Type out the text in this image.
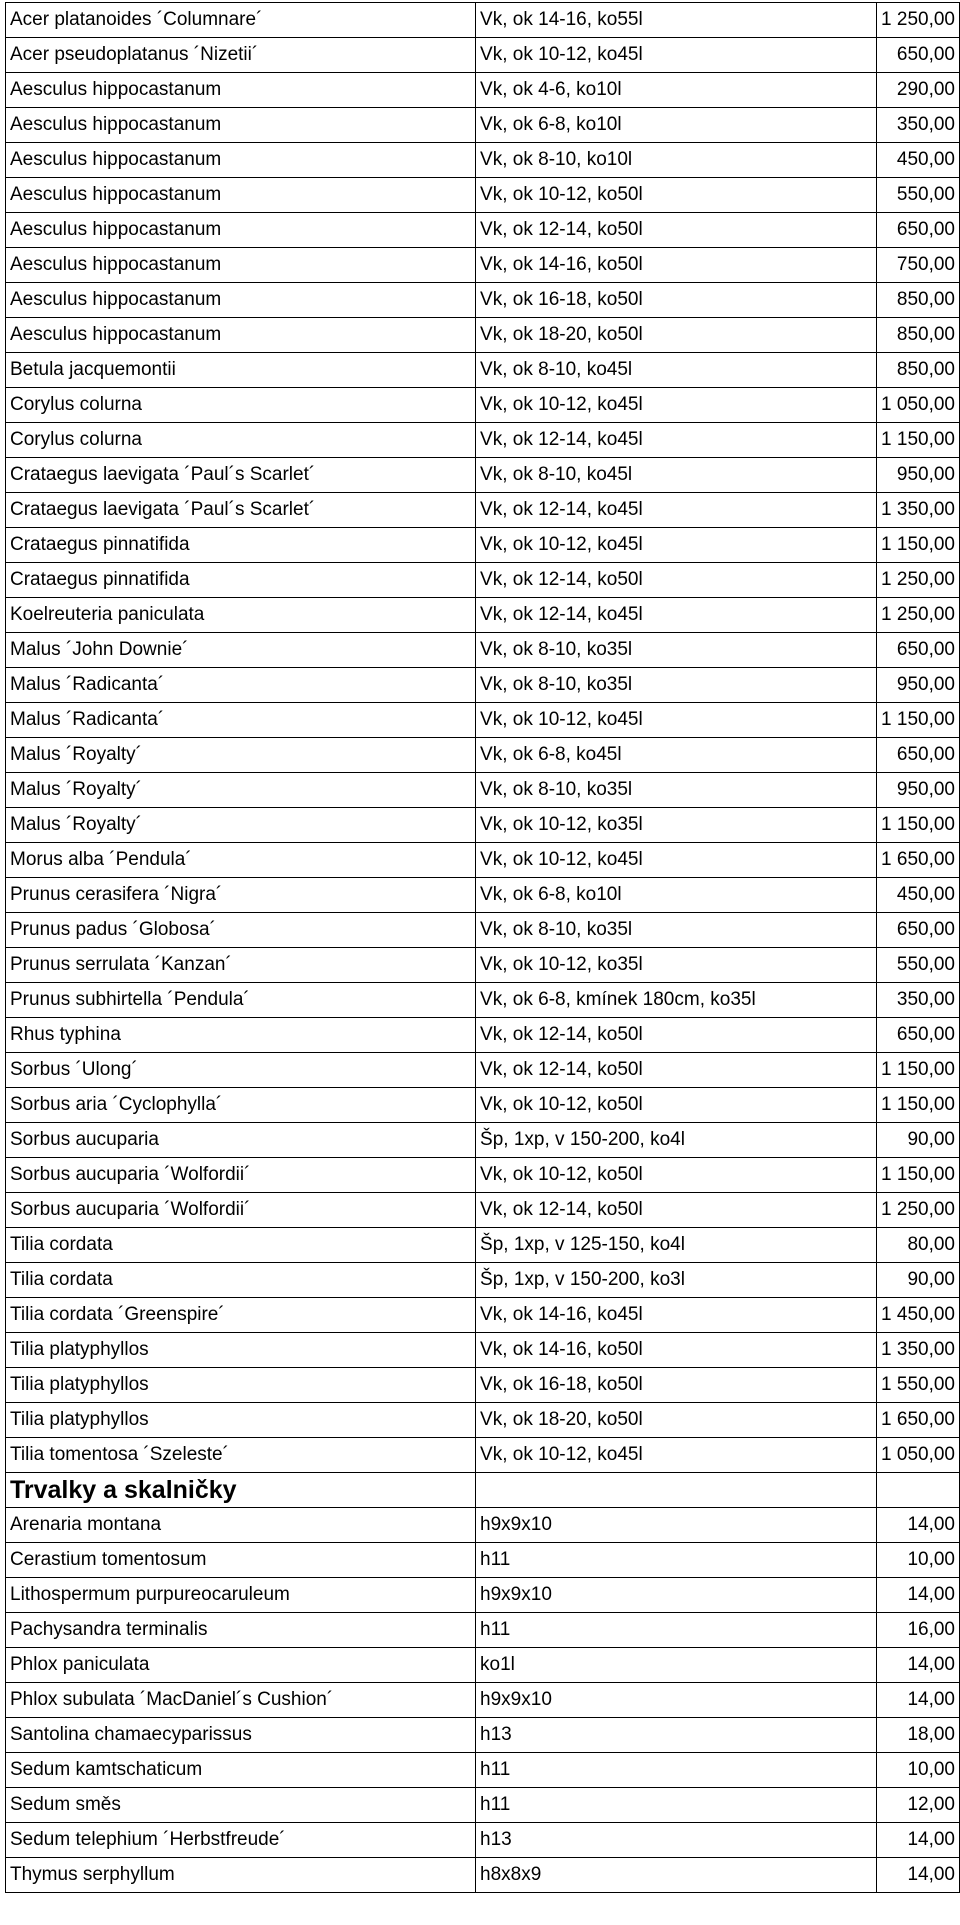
Acer platanoides ´Columnare´	Vk, ok 14-16, ko55l	1 250,00
Acer pseudoplatanus ´Nizetii´	Vk, ok 10-12, ko45l	650,00
Aesculus hippocastanum	Vk, ok 4-6, ko10l	290,00
Aesculus hippocastanum	Vk, ok 6-8, ko10l	350,00
Aesculus hippocastanum	Vk, ok 8-10, ko10l	450,00
Aesculus hippocastanum	Vk, ok 10-12, ko50l	550,00
Aesculus hippocastanum	Vk, ok 12-14, ko50l	650,00
Aesculus hippocastanum	Vk, ok 14-16, ko50l	750,00
Aesculus hippocastanum	Vk, ok 16-18, ko50l	850,00
Aesculus hippocastanum	Vk, ok 18-20, ko50l	850,00
Betula jacquemontii	Vk, ok 8-10, ko45l	850,00
Corylus colurna	Vk, ok 10-12, ko45l	1 050,00
Corylus colurna	Vk, ok 12-14, ko45l	1 150,00
Crataegus laevigata ´Paul´s Scarlet´	Vk, ok 8-10, ko45l	950,00
Crataegus laevigata ´Paul´s Scarlet´	Vk, ok 12-14, ko45l	1 350,00
Crataegus pinnatifida	Vk, ok 10-12, ko45l	1 150,00
Crataegus pinnatifida	Vk, ok 12-14, ko50l	1 250,00
Koelreuteria paniculata	Vk, ok 12-14, ko45l	1 250,00
Malus ´John Downie´	Vk, ok 8-10, ko35l	650,00
Malus ´Radicanta´	Vk, ok 8-10, ko35l	950,00
Malus ´Radicanta´	Vk, ok 10-12, ko45l	1 150,00
Malus ´Royalty´	Vk, ok 6-8, ko45l	650,00
Malus ´Royalty´	Vk, ok 8-10, ko35l	950,00
Malus ´Royalty´	Vk, ok 10-12, ko35l	1 150,00
Morus alba ´Pendula´	Vk, ok 10-12, ko45l	1 650,00
Prunus cerasifera ´Nigra´	Vk, ok 6-8, ko10l	450,00
Prunus padus ´Globosa´	Vk, ok 8-10, ko35l	650,00
Prunus serrulata ´Kanzan´	Vk, ok 10-12, ko35l	550,00
Prunus subhirtella ´Pendula´	Vk, ok 6-8, kmínek 180cm, ko35l	350,00
Rhus typhina	Vk, ok 12-14, ko50l	650,00
Sorbus ´Ulong´	Vk, ok 12-14, ko50l	1 150,00
Sorbus aria ´Cyclophylla´	Vk, ok 10-12, ko50l	1 150,00
Sorbus aucuparia	Šp, 1xp, v 150-200, ko4l	90,00
Sorbus aucuparia ´Wolfordii´	Vk, ok 10-12, ko50l	1 150,00
Sorbus aucuparia ´Wolfordii´	Vk, ok 12-14, ko50l	1 250,00
Tilia cordata	Šp, 1xp, v 125-150, ko4l	80,00
Tilia cordata	Šp, 1xp, v 150-200, ko3l	90,00
Tilia cordata ´Greenspire´	Vk, ok 14-16, ko45l	1 450,00
Tilia platyphyllos	Vk, ok 14-16, ko50l	1 350,00
Tilia platyphyllos	Vk, ok 16-18, ko50l	1 550,00
Tilia platyphyllos	Vk, ok 18-20, ko50l	1 650,00
Tilia tomentosa ´Szeleste´	Vk, ok 10-12, ko45l	1 050,00
Trvalky a skalničky		
Arenaria montana	h9x9x10	14,00
Cerastium tomentosum	h11	10,00
Lithospermum purpureocaruleum	h9x9x10	14,00
Pachysandra terminalis	h11	16,00
Phlox paniculata	ko1l	14,00
Phlox subulata ´MacDaniel´s Cushion´	h9x9x10	14,00
Santolina chamaecyparissus	h13	18,00
Sedum kamtschaticum	h11	10,00
Sedum směs	h11	12,00
Sedum telephium ´Herbstfreude´	h13	14,00
Thymus serphyllum	h8x8x9	14,00
